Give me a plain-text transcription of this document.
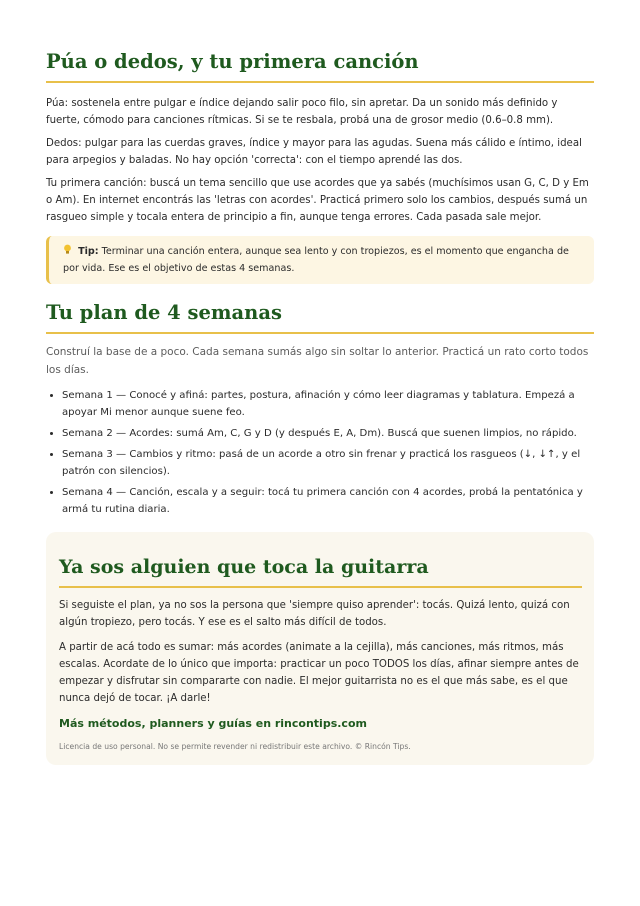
Púa o dedos, y tu primera canción

Púa: sostenela entre pulgar e índice dejando salir poco filo, sin apretar. Da un sonido más definido y fuerte, cómodo para canciones rítmicas. Si se te resbala, probá una de grosor medio (0.6–0.8 mm).

Dedos: pulgar para las cuerdas graves, índice y mayor para las agudas. Suena más cálido e íntimo, ideal para arpegios y baladas. No hay opción 'correcta': con el tiempo aprendé las dos.

Tu primera canción: buscá un tema sencillo que use acordes que ya sabés (muchísimos usan G, C, D y Em o Am). En internet encontrás las 'letras con acordes'. Practicá primero solo los cambios, después sumá un rasgueo simple y tocala entera de principio a fin, aunque tenga errores. Cada pasada sale mejor.

Tip: Terminar una canción entera, aunque sea lento y con tropiezos, es el momento que engancha de por vida. Ese es el objetivo de estas 4 semanas.
Tu plan de 4 semanas

Construí la base de a poco. Cada semana sumás algo sin soltar lo anterior. Practicá un rato corto todos los días.

• Semana 1 — Conocé y afiná: partes, postura, afinación y cómo leer diagramas y tablatura. Empezá a apoyar Mi menor aunque suene feo.
• Semana 2 — Acordes: sumá Am, C, G y D (y después E, A, Dm). Buscá que suenen limpios, no rápido.
• Semana 3 — Cambios y ritmo: pasá de un acorde a otro sin frenar y practicá los rasgueos (↓, ↓↑, y el patrón con silencios).
• Semana 4 — Canción, escala y a seguir: tocá tu primera canción con 4 acordes, probá la pentatónica y armá tu rutina diaria.
Ya sos alguien que toca la guitarra

Si seguiste el plan, ya no sos la persona que 'siempre quiso aprender': tocás. Quizá lento, quizá con algún tropiezo, pero tocás. Y ese es el salto más difícil de todos.

A partir de acá todo es sumar: más acordes (animate a la cejilla), más canciones, más ritmos, más escalas. Acordate de lo único que importa: practicar un poco TODOS los días, afinar siempre antes de empezar y disfrutar sin compararte con nadie. El mejor guitarrista no es el que más sabe, es el que nunca dejó de tocar. ¡A darle!

Más métodos, planners y guías en rincontips.com
Licencia de uso personal. No se permite revender ni redistribuir este archivo. © Rincón Tips.
